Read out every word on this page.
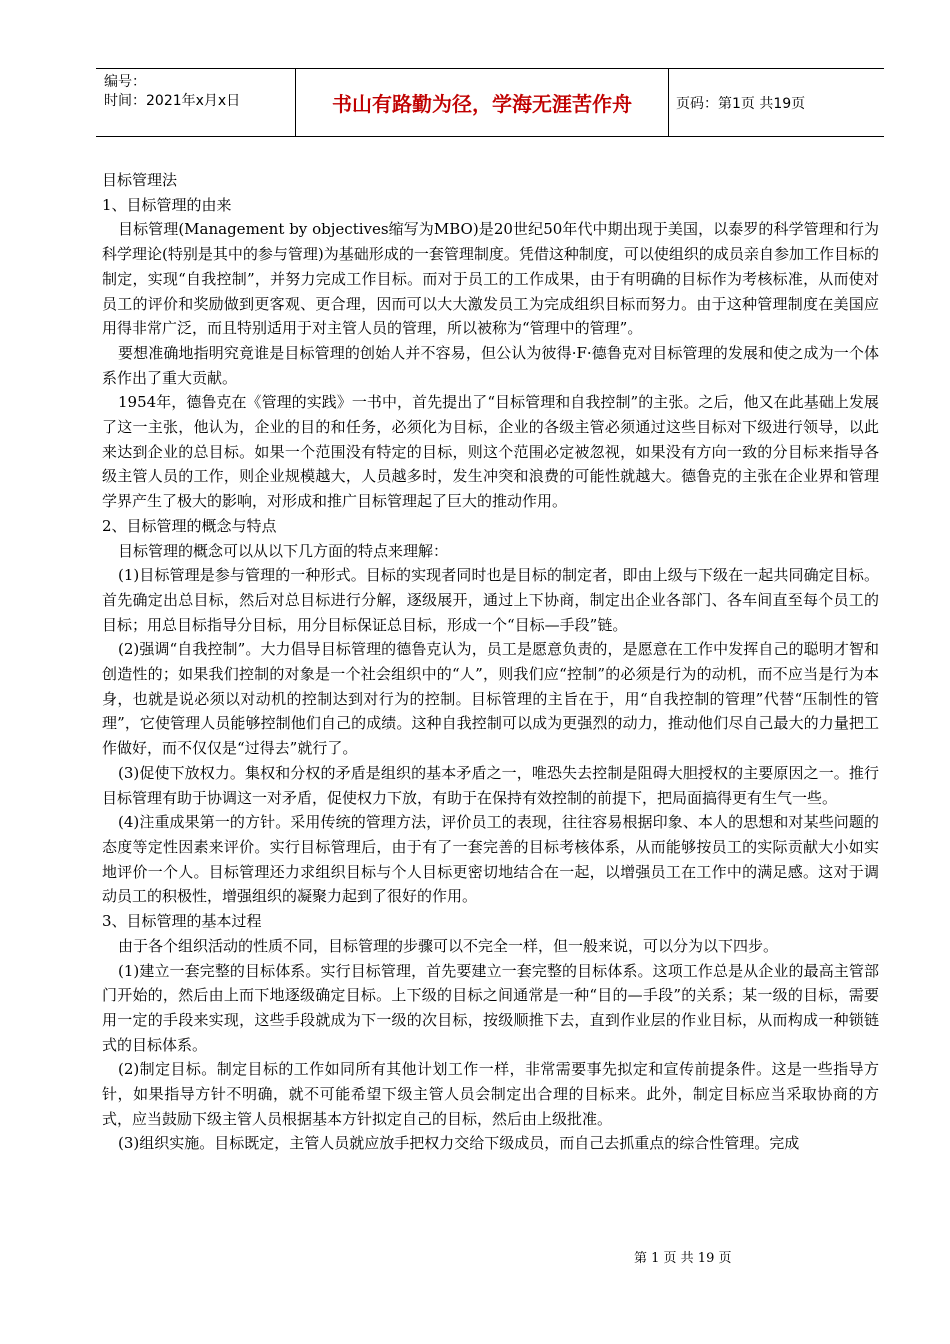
编号：
时间：2021年x月x日	书山有路勤为径，学海无涯苦作舟	页码：第1页 共19页

目标管理法

1、目标管理的由来

目标管理(Management by objectives缩写为MBO)是20世纪50年代中期出现于美国，以泰罗的科学管理和行为科学理论(特别是其中的参与管理)为基础形成的一套管理制度。凭借这种制度，可以使组织的成员亲自参加工作目标的制定，实现“自我控制”，并努力完成工作目标。而对于员工的工作成果，由于有明确的目标作为考核标准，从而使对员工的评价和奖励做到更客观、更合理，因而可以大大激发员工为完成组织目标而努力。由于这种管理制度在美国应用得非常广泛，而且特别适用于对主管人员的管理，所以被称为“管理中的管理”。

要想准确地指明究竟谁是目标管理的创始人并不容易，但公认为彼得·F·德鲁克对目标管理的发展和使之成为一个体系作出了重大贡献。

1954年，德鲁克在《管理的实践》一书中，首先提出了“目标管理和自我控制”的主张。之后，他又在此基础上发展了这一主张，他认为，企业的目的和任务，必须化为目标，企业的各级主管必须通过这些目标对下级进行领导，以此来达到企业的总目标。如果一个范围没有特定的目标，则这个范围必定被忽视，如果没有方向一致的分目标来指导各级主管人员的工作，则企业规模越大，人员越多时，发生冲突和浪费的可能性就越大。德鲁克的主张在企业界和管理学界产生了极大的影响，对形成和推广目标管理起了巨大的推动作用。

2、目标管理的概念与特点

目标管理的概念可以从以下几方面的特点来理解：

(1)目标管理是参与管理的一种形式。目标的实现者同时也是目标的制定者，即由上级与下级在一起共同确定目标。首先确定出总目标，然后对总目标进行分解，逐级展开，通过上下协商，制定出企业各部门、各车间直至每个员工的目标；用总目标指导分目标，用分目标保证总目标，形成一个“目标—手段”链。

(2)强调“自我控制”。大力倡导目标管理的德鲁克认为，员工是愿意负责的，是愿意在工作中发挥自己的聪明才智和创造性的；如果我们控制的对象是一个社会组织中的“人”，则我们应“控制”的必须是行为的动机，而不应当是行为本身，也就是说必须以对动机的控制达到对行为的控制。目标管理的主旨在于，用“自我控制的管理”代替“压制性的管理”，它使管理人员能够控制他们自己的成绩。这种自我控制可以成为更强烈的动力，推动他们尽自己最大的力量把工作做好，而不仅仅是“过得去”就行了。

(3)促使下放权力。集权和分权的矛盾是组织的基本矛盾之一，唯恐失去控制是阻碍大胆授权的主要原因之一。推行目标管理有助于协调这一对矛盾，促使权力下放，有助于在保持有效控制的前提下，把局面搞得更有生气一些。

(4)注重成果第一的方针。采用传统的管理方法，评价员工的表现，往往容易根据印象、本人的思想和对某些问题的态度等定性因素来评价。实行目标管理后，由于有了一套完善的目标考核体系，从而能够按员工的实际贡献大小如实地评价一个人。目标管理还力求组织目标与个人目标更密切地结合在一起，以增强员工在工作中的满足感。这对于调动员工的积极性，增强组织的凝聚力起到了很好的作用。

3、目标管理的基本过程

由于各个组织活动的性质不同，目标管理的步骤可以不完全一样，但一般来说，可以分为以下四步。

(1)建立一套完整的目标体系。实行目标管理，首先要建立一套完整的目标体系。这项工作总是从企业的最高主管部门开始的，然后由上而下地逐级确定目标。上下级的目标之间通常是一种“目的—手段”的关系；某一级的目标，需要用一定的手段来实现，这些手段就成为下一级的次目标，按级顺推下去，直到作业层的作业目标，从而构成一种锁链式的目标体系。

(2)制定目标。制定目标的工作如同所有其他计划工作一样，非常需要事先拟定和宣传前提条件。这是一些指导方针，如果指导方针不明确，就不可能希望下级主管人员会制定出合理的目标来。此外，制定目标应当采取协商的方式，应当鼓励下级主管人员根据基本方针拟定自己的目标，然后由上级批准。

(3)组织实施。目标既定，主管人员就应放手把权力交给下级成员，而自己去抓重点的综合性管理。完成

第 1 页 共 19 页
